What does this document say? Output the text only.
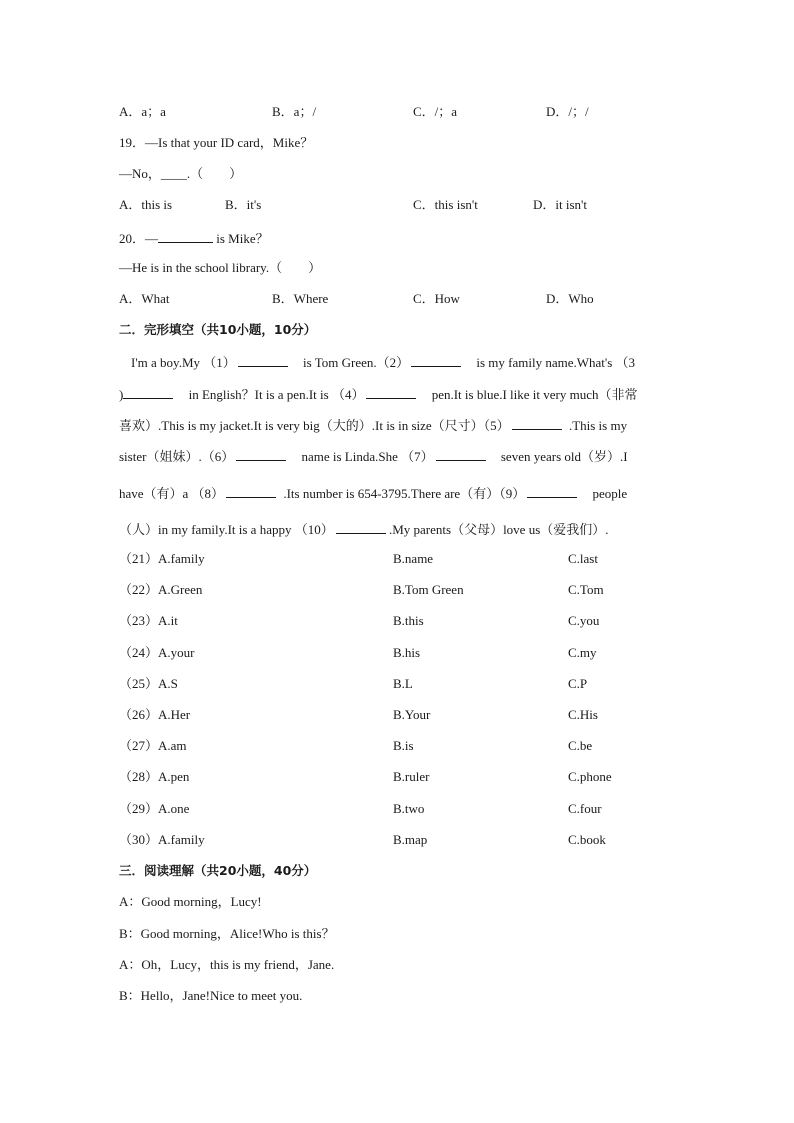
A．a；a	B．a；/	C．/；a	D．/；/
19．—Is that your ID card，Mike？
—No，____.（　　）
A．this is	B．it's	C．this isn't	D．it isn't
20．—	is Mike？
—He is in the school library.（　　）
A．What	B．Where	C．How	D．Who
二．完形填空（共10小题，10分）
I'm a boy.My （1）	is Tom Green.（2）	is my family name.What's （3
)	in English？It is a pen.It is （4）	pen.It is blue.I like it very much（非常
喜欢）.This is my jacket.It is very big（大的）.It is in size（尺寸）（5）	.This is my
sister（姐妹）.（6）	name is Linda.She （7）	seven years old（岁）.I
have（有）a （8）	.Its number is 654-3795.There are（有）（9）	people
（人）in my family.It is a happy （10）	.My parents（父母）love us（爱我们）.
（21）A.family	B.name	C.last
（22）A.Green	B.Tom Green	C.Tom
（23）A.it	B.this	C.you
（24）A.your	B.his	C.my
（25）A.S	B.L	C.P
（26）A.Her	B.Your	C.His
（27）A.am	B.is	C.be
（28）A.pen	B.ruler	C.phone
（29）A.one	B.two	C.four
（30）A.family	B.map	C.book
三．阅读理解（共20小题，40分）
A：Good morning，Lucy!
B：Good morning，Alice!Who is this？
A：Oh，Lucy，this is my friend，Jane.
B：Hello，Jane!Nice to meet you.
